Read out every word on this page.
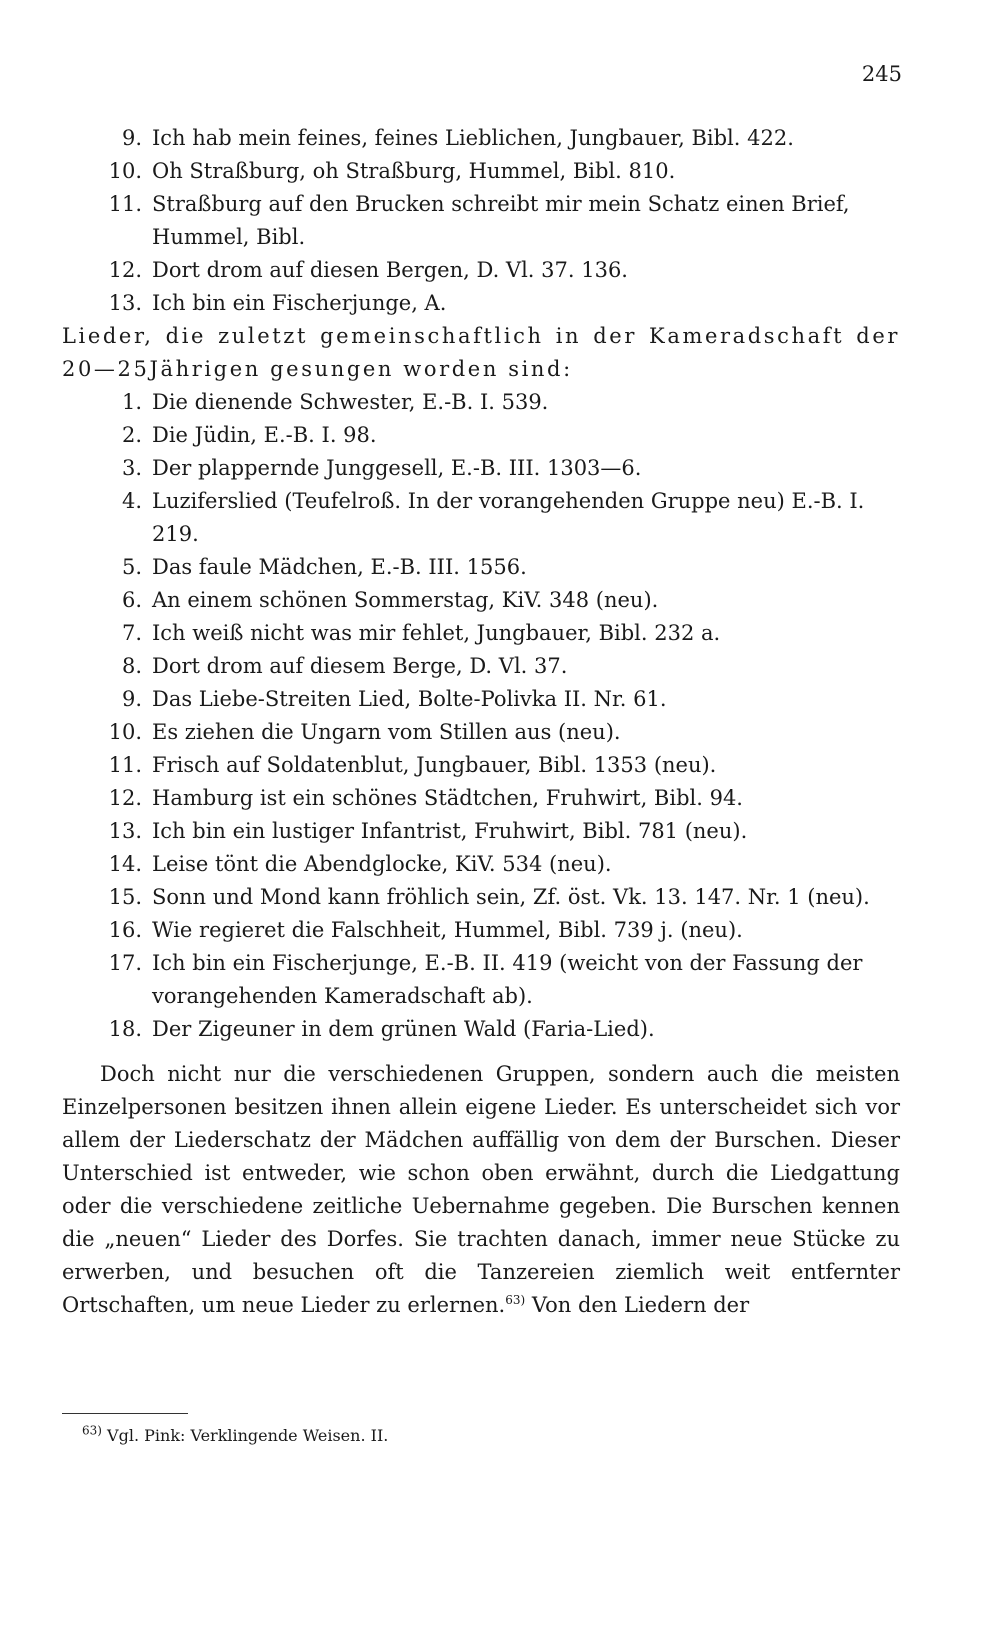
245
9. Ich hab mein feines, feines Lieblichen, Jungbauer, Bibl. 422.
10. Oh Straßburg, oh Straßburg, Hummel, Bibl. 810.
11. Straßburg auf den Brucken schreibt mir mein Schatz einen Brief, Hummel, Bibl.
12. Dort drom auf diesen Bergen, D. Vl. 37. 136.
13. Ich bin ein Fischerjunge, A.
Lieder, die zuletzt gemeinschaftlich in der Kameradschaft der 20—25Jährigen gesungen worden sind:
1. Die dienende Schwester, E.-B. I. 539.
2. Die Jüdin, E.-B. I. 98.
3. Der plappernde Junggesell, E.-B. III. 1303—6.
4. Luziferslied (Teufelroß. In der vorangehenden Gruppe neu) E.-B. I. 219.
5. Das faule Mädchen, E.-B. III. 1556.
6. An einem schönen Sommerstag, KiV. 348 (neu).
7. Ich weiß nicht was mir fehlet, Jungbauer, Bibl. 232 a.
8. Dort drom auf diesem Berge, D. Vl. 37.
9. Das Liebe-Streiten Lied, Bolte-Polivka II. Nr. 61.
10. Es ziehen die Ungarn vom Stillen aus (neu).
11. Frisch auf Soldatenblut, Jungbauer, Bibl. 1353 (neu).
12. Hamburg ist ein schönes Städtchen, Fruhwirt, Bibl. 94.
13. Ich bin ein lustiger Infantrist, Fruhwirt, Bibl. 781 (neu).
14. Leise tönt die Abendglocke, KiV. 534 (neu).
15. Sonn und Mond kann fröhlich sein, Zf. öst. Vk. 13. 147. Nr. 1 (neu).
16. Wie regieret die Falschheit, Hummel, Bibl. 739 j. (neu).
17. Ich bin ein Fischerjunge, E.-B. II. 419 (weicht von der Fassung der vorangehenden Kameradschaft ab).
18. Der Zigeuner in dem grünen Wald (Faria-Lied).
Doch nicht nur die verschiedenen Gruppen, sondern auch die meisten Einzelpersonen besitzen ihnen allein eigene Lieder. Es unterscheidet sich vor allem der Liederschatz der Mädchen auffällig von dem der Burschen. Dieser Unterschied ist entweder, wie schon oben erwähnt, durch die Liedgattung oder die verschiedene zeitliche Uebernahme gegeben. Die Burschen kennen die „neuen“ Lieder des Dorfes. Sie trachten danach, immer neue Stücke zu erwerben, und besuchen oft die Tanzereien ziemlich weit entfernter Ortschaften, um neue Lieder zu erlernen.$^{63)}$ Von den Liedern der
$^{63)}$ Vgl. Pink: Verklingende Weisen. II.
